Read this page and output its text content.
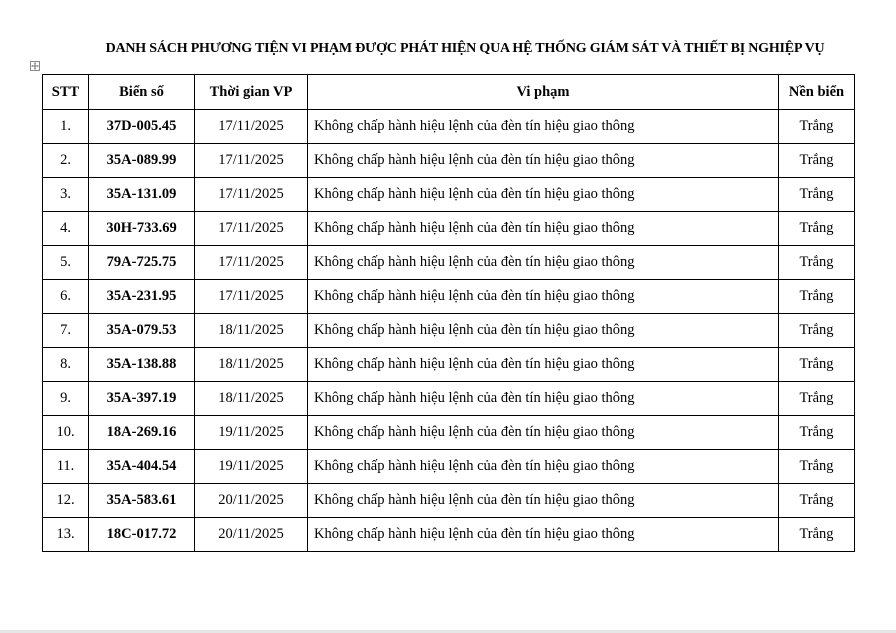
DANH SÁCH PHƯƠNG TIỆN VI PHẠM ĐƯỢC PHÁT HIỆN QUA HỆ THỐNG GIÁM SÁT VÀ THIẾT BỊ NGHIỆP VỤ
STT	Biển số	Thời gian VP	Vi phạm	Nền biển
1.	37D-005.45	17/11/2025	Không chấp hành hiệu lệnh của đèn tín hiệu giao thông	Trắng
2.	35A-089.99	17/11/2025	Không chấp hành hiệu lệnh của đèn tín hiệu giao thông	Trắng
3.	35A-131.09	17/11/2025	Không chấp hành hiệu lệnh của đèn tín hiệu giao thông	Trắng
4.	30H-733.69	17/11/2025	Không chấp hành hiệu lệnh của đèn tín hiệu giao thông	Trắng
5.	79A-725.75	17/11/2025	Không chấp hành hiệu lệnh của đèn tín hiệu giao thông	Trắng
6.	35A-231.95	17/11/2025	Không chấp hành hiệu lệnh của đèn tín hiệu giao thông	Trắng
7.	35A-079.53	18/11/2025	Không chấp hành hiệu lệnh của đèn tín hiệu giao thông	Trắng
8.	35A-138.88	18/11/2025	Không chấp hành hiệu lệnh của đèn tín hiệu giao thông	Trắng
9.	35A-397.19	18/11/2025	Không chấp hành hiệu lệnh của đèn tín hiệu giao thông	Trắng
10.	18A-269.16	19/11/2025	Không chấp hành hiệu lệnh của đèn tín hiệu giao thông	Trắng
11.	35A-404.54	19/11/2025	Không chấp hành hiệu lệnh của đèn tín hiệu giao thông	Trắng
12.	35A-583.61	20/11/2025	Không chấp hành hiệu lệnh của đèn tín hiệu giao thông	Trắng
13.	18C-017.72	20/11/2025	Không chấp hành hiệu lệnh của đèn tín hiệu giao thông	Trắng
